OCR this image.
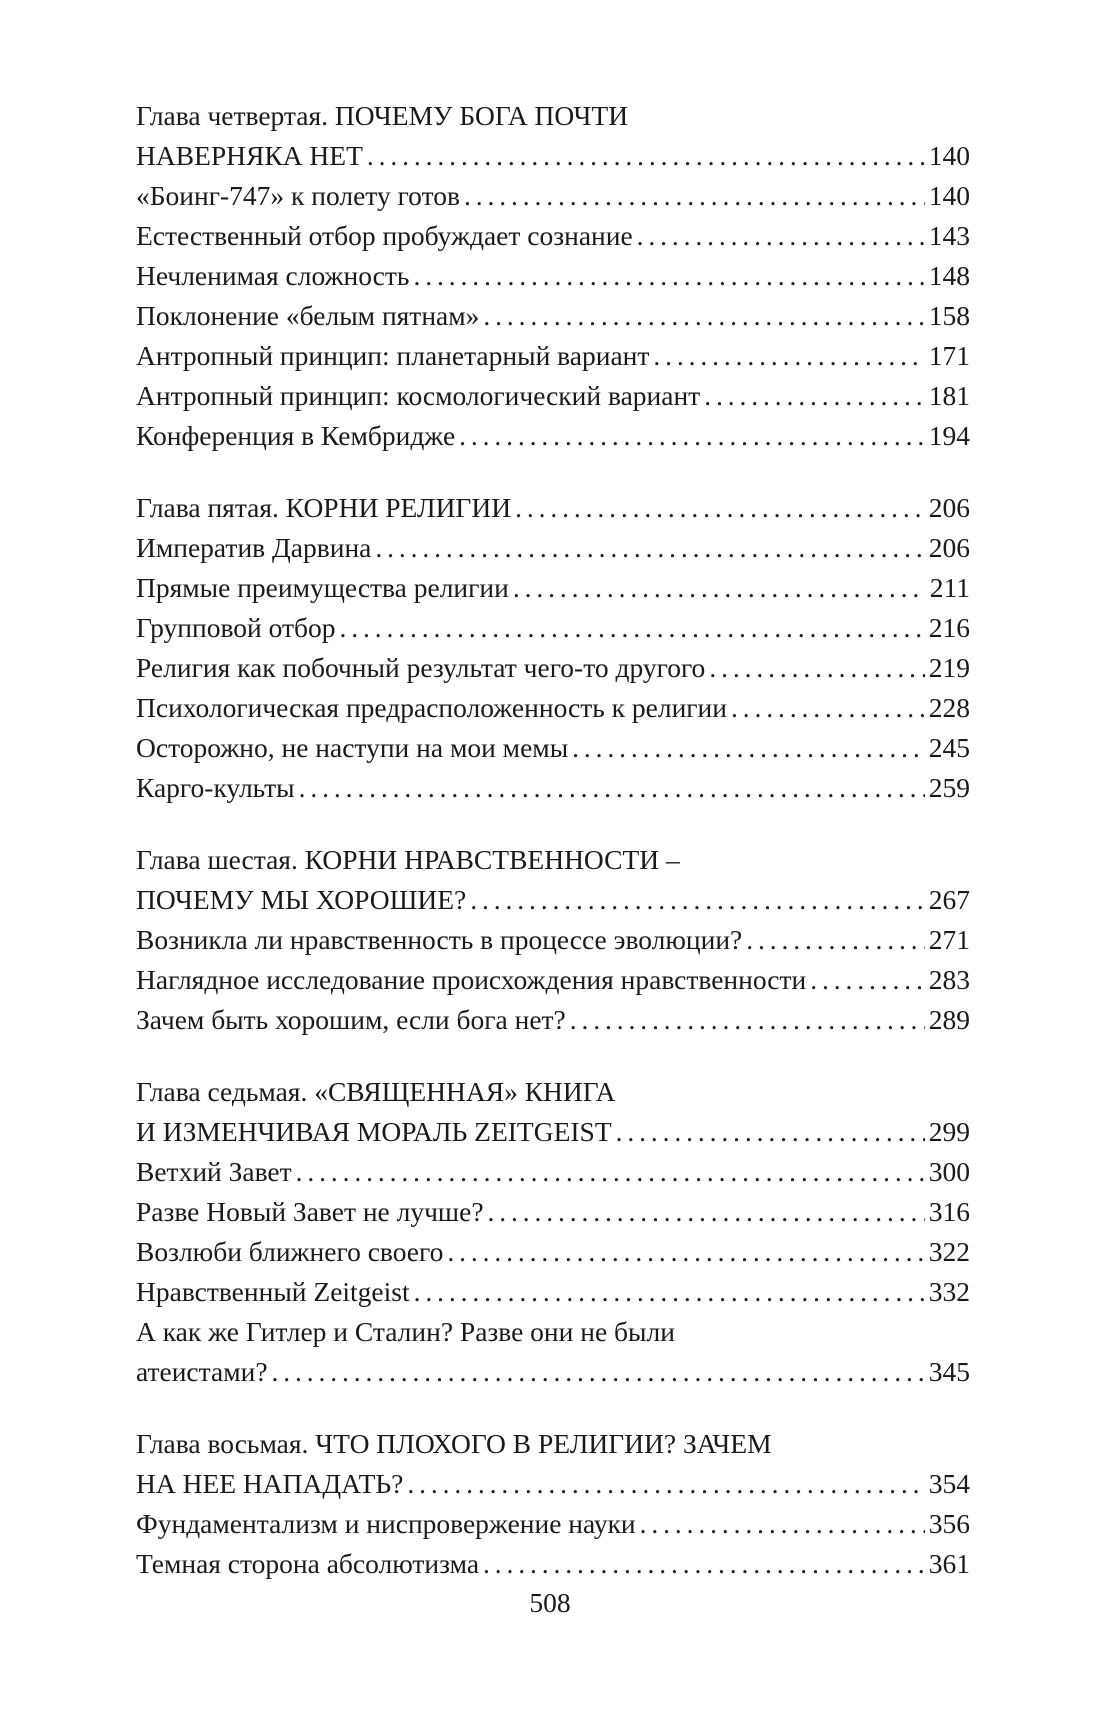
Глава четвертая. ПОЧЕМУ БОГА ПОЧТИ
НАВЕРНЯКА НЕТ . . .	140
«Боинг-747» к полету готов . . .	140
Естественный отбор пробуждает сознание . . .	143
Нечленимая сложность . . .	148
Поклонение «белым пятнам» . . .	158
Антропный принцип: планетарный вариант . . .	171
Антропный принцип: космологический вариант . . .	181
Конференция в Кембридже . . .	194
Глава пятая. КОРНИ РЕЛИГИИ . . .	206
Императив Дарвина . . .	206
Прямые преимущества религии . . .	211
Групповой отбор . . .	216
Религия как побочный результат чего-то другого . . .	219
Психологическая предрасположенность к религии . . .	228
Осторожно, не наступи на мои мемы . . .	245
Карго-культы . . .	259
Глава шестая. КОРНИ НРАВСТВЕННОСТИ –
ПОЧЕМУ МЫ ХОРОШИЕ? . . .	267
Возникла ли нравственность в процессе эволюции? . . .	271
Наглядное исследование происхождения нравственности . . .	283
Зачем быть хорошим, если бога нет? . . .	289
Глава седьмая. «СВЯЩЕННАЯ» КНИГА
И ИЗМЕНЧИВАЯ МОРАЛЬ ZEITGEIST . . .	299
Ветхий Завет . . .	300
Разве Новый Завет не лучше? . . .	316
Возлюби ближнего своего . . .	322
Нравственный Zeitgeist . . .	332
А как же Гитлер и Сталин? Разве они не были
атеистами? . . .	345
Глава восьмая. ЧТО ПЛОХОГО В РЕЛИГИИ? ЗАЧЕМ
НА НЕЕ НАПАДАТЬ? . . .	354
Фундаментализм и ниспровержение науки . . .	356
Темная сторона абсолютизма . . .	361
508
